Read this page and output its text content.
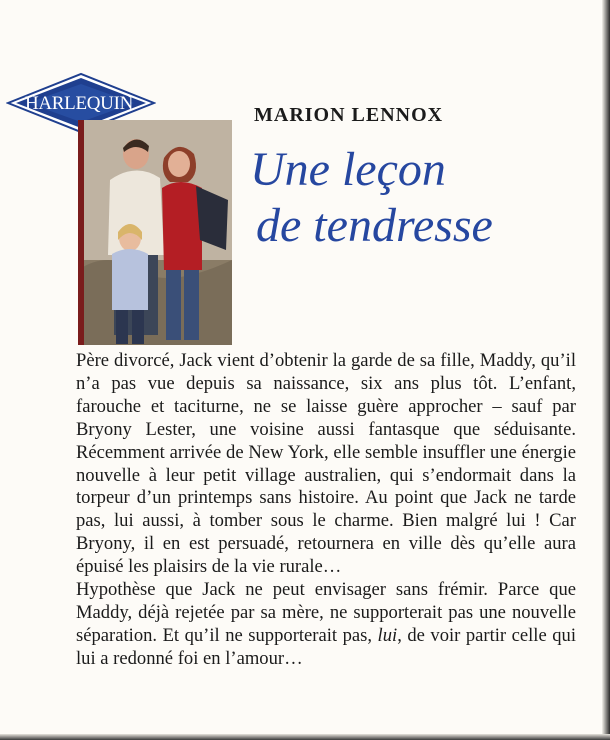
HARLEQUIN
MARION LENNOX
Une leçon
de tendresse

Père divorcé, Jack vient d’obtenir la garde de sa fille, Maddy, qu’il n’a pas vue depuis sa naissance, six ans plus tôt. L’enfant, farouche et taciturne, ne se laisse guère approcher – sauf par Bryony Lester, une voisine aussi fantasque que séduisante. Récemment arrivée de New York, elle semble insuffler une énergie nouvelle à leur petit village australien, qui s’endormait dans la torpeur d’un printemps sans histoire. Au point que Jack ne tarde pas, lui aussi, à tomber sous le charme. Bien malgré lui ! Car Bryony, il en est persuadé, retournera en ville dès qu’elle aura épuisé les plaisirs de la vie rurale…

Hypothèse que Jack ne peut envisager sans frémir. Parce que Maddy, déjà rejetée par sa mère, ne supporterait pas une nouvelle séparation. Et qu’il ne supporterait pas, lui, de voir partir celle qui lui a redonné foi en l’amour…
